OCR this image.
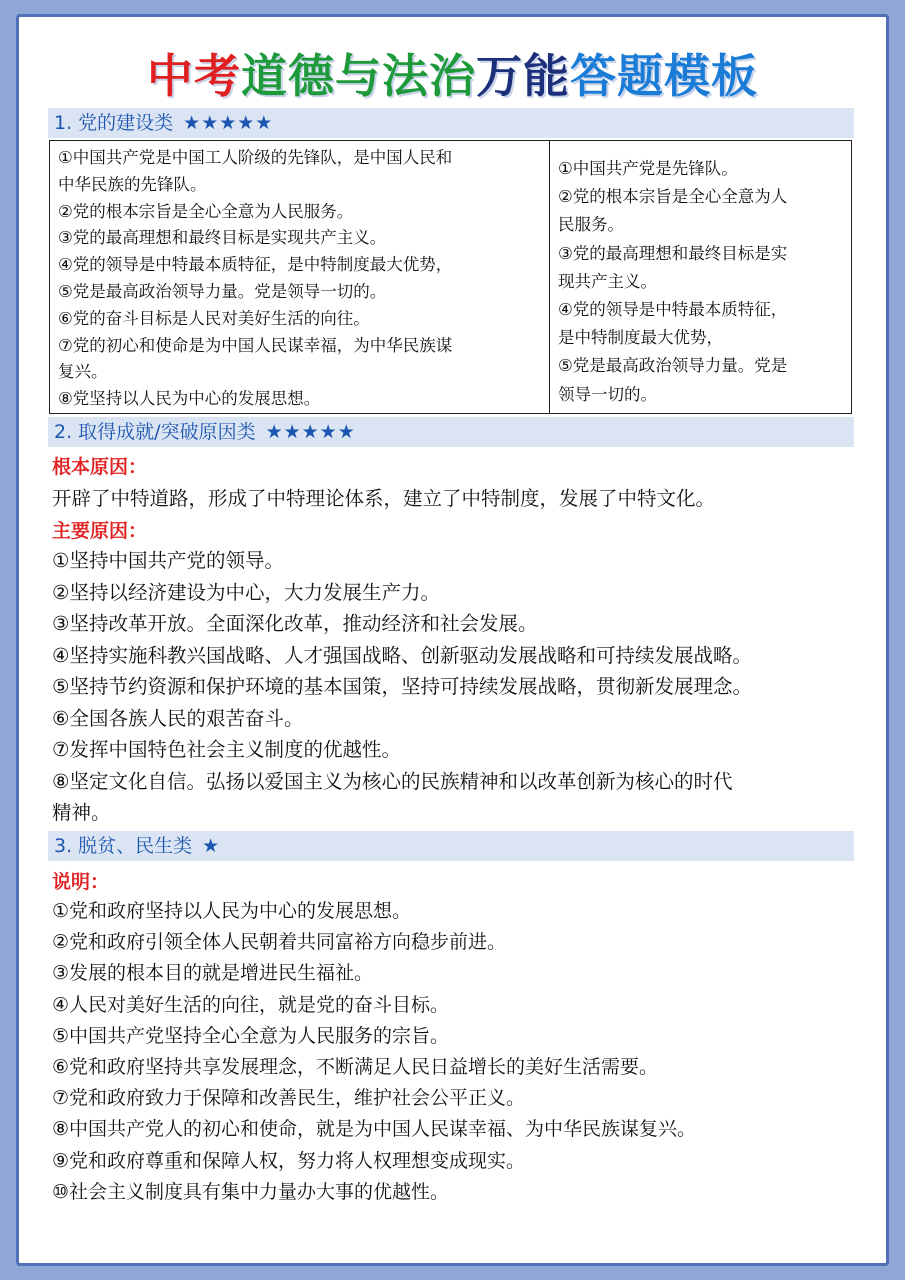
中考道德与法治万能答题模板
1. 党的建设类 ★★★★★
①中国共产党是中国工人阶级的先锋队，是中国人民和
中华民族的先锋队。
②党的根本宗旨是全心全意为人民服务。
③党的最高理想和最终目标是实现共产主义。
④党的领导是中特最本质特征，是中特制度最大优势，
⑤党是最高政治领导力量。党是领导一切的。
⑥党的奋斗目标是人民对美好生活的向往。
⑦党的初心和使命是为中国人民谋幸福，为中华民族谋
复兴。
⑧党坚持以人民为中心的发展思想。
①中国共产党是先锋队。
②党的根本宗旨是全心全意为人
民服务。
③党的最高理想和最终目标是实
现共产主义。
④党的领导是中特最本质特征，
是中特制度最大优势，
⑤党是最高政治领导力量。党是
领导一切的。
2. 取得成就/突破原因类 ★★★★★
根本原因：
开辟了中特道路，形成了中特理论体系，建立了中特制度，发展了中特文化。
主要原因：
①坚持中国共产党的领导。
②坚持以经济建设为中心，大力发展生产力。
③坚持改革开放。全面深化改革，推动经济和社会发展。
④坚持实施科教兴国战略、人才强国战略、创新驱动发展战略和可持续发展战略。
⑤坚持节约资源和保护环境的基本国策，坚持可持续发展战略，贯彻新发展理念。
⑥全国各族人民的艰苦奋斗。
⑦发挥中国特色社会主义制度的优越性。
⑧坚定文化自信。弘扬以爱国主义为核心的民族精神和以改革创新为核心的时代
精神。
3. 脱贫、民生类 ★
说明：
①党和政府坚持以人民为中心的发展思想。
②党和政府引领全体人民朝着共同富裕方向稳步前进。
③发展的根本目的就是增进民生福祉。
④人民对美好生活的向往，就是党的奋斗目标。
⑤中国共产党坚持全心全意为人民服务的宗旨。
⑥党和政府坚持共享发展理念，不断满足人民日益增长的美好生活需要。
⑦党和政府致力于保障和改善民生，维护社会公平正义。
⑧中国共产党人的初心和使命，就是为中国人民谋幸福、为中华民族谋复兴。
⑨党和政府尊重和保障人权，努力将人权理想变成现实。
⑩社会主义制度具有集中力量办大事的优越性。
